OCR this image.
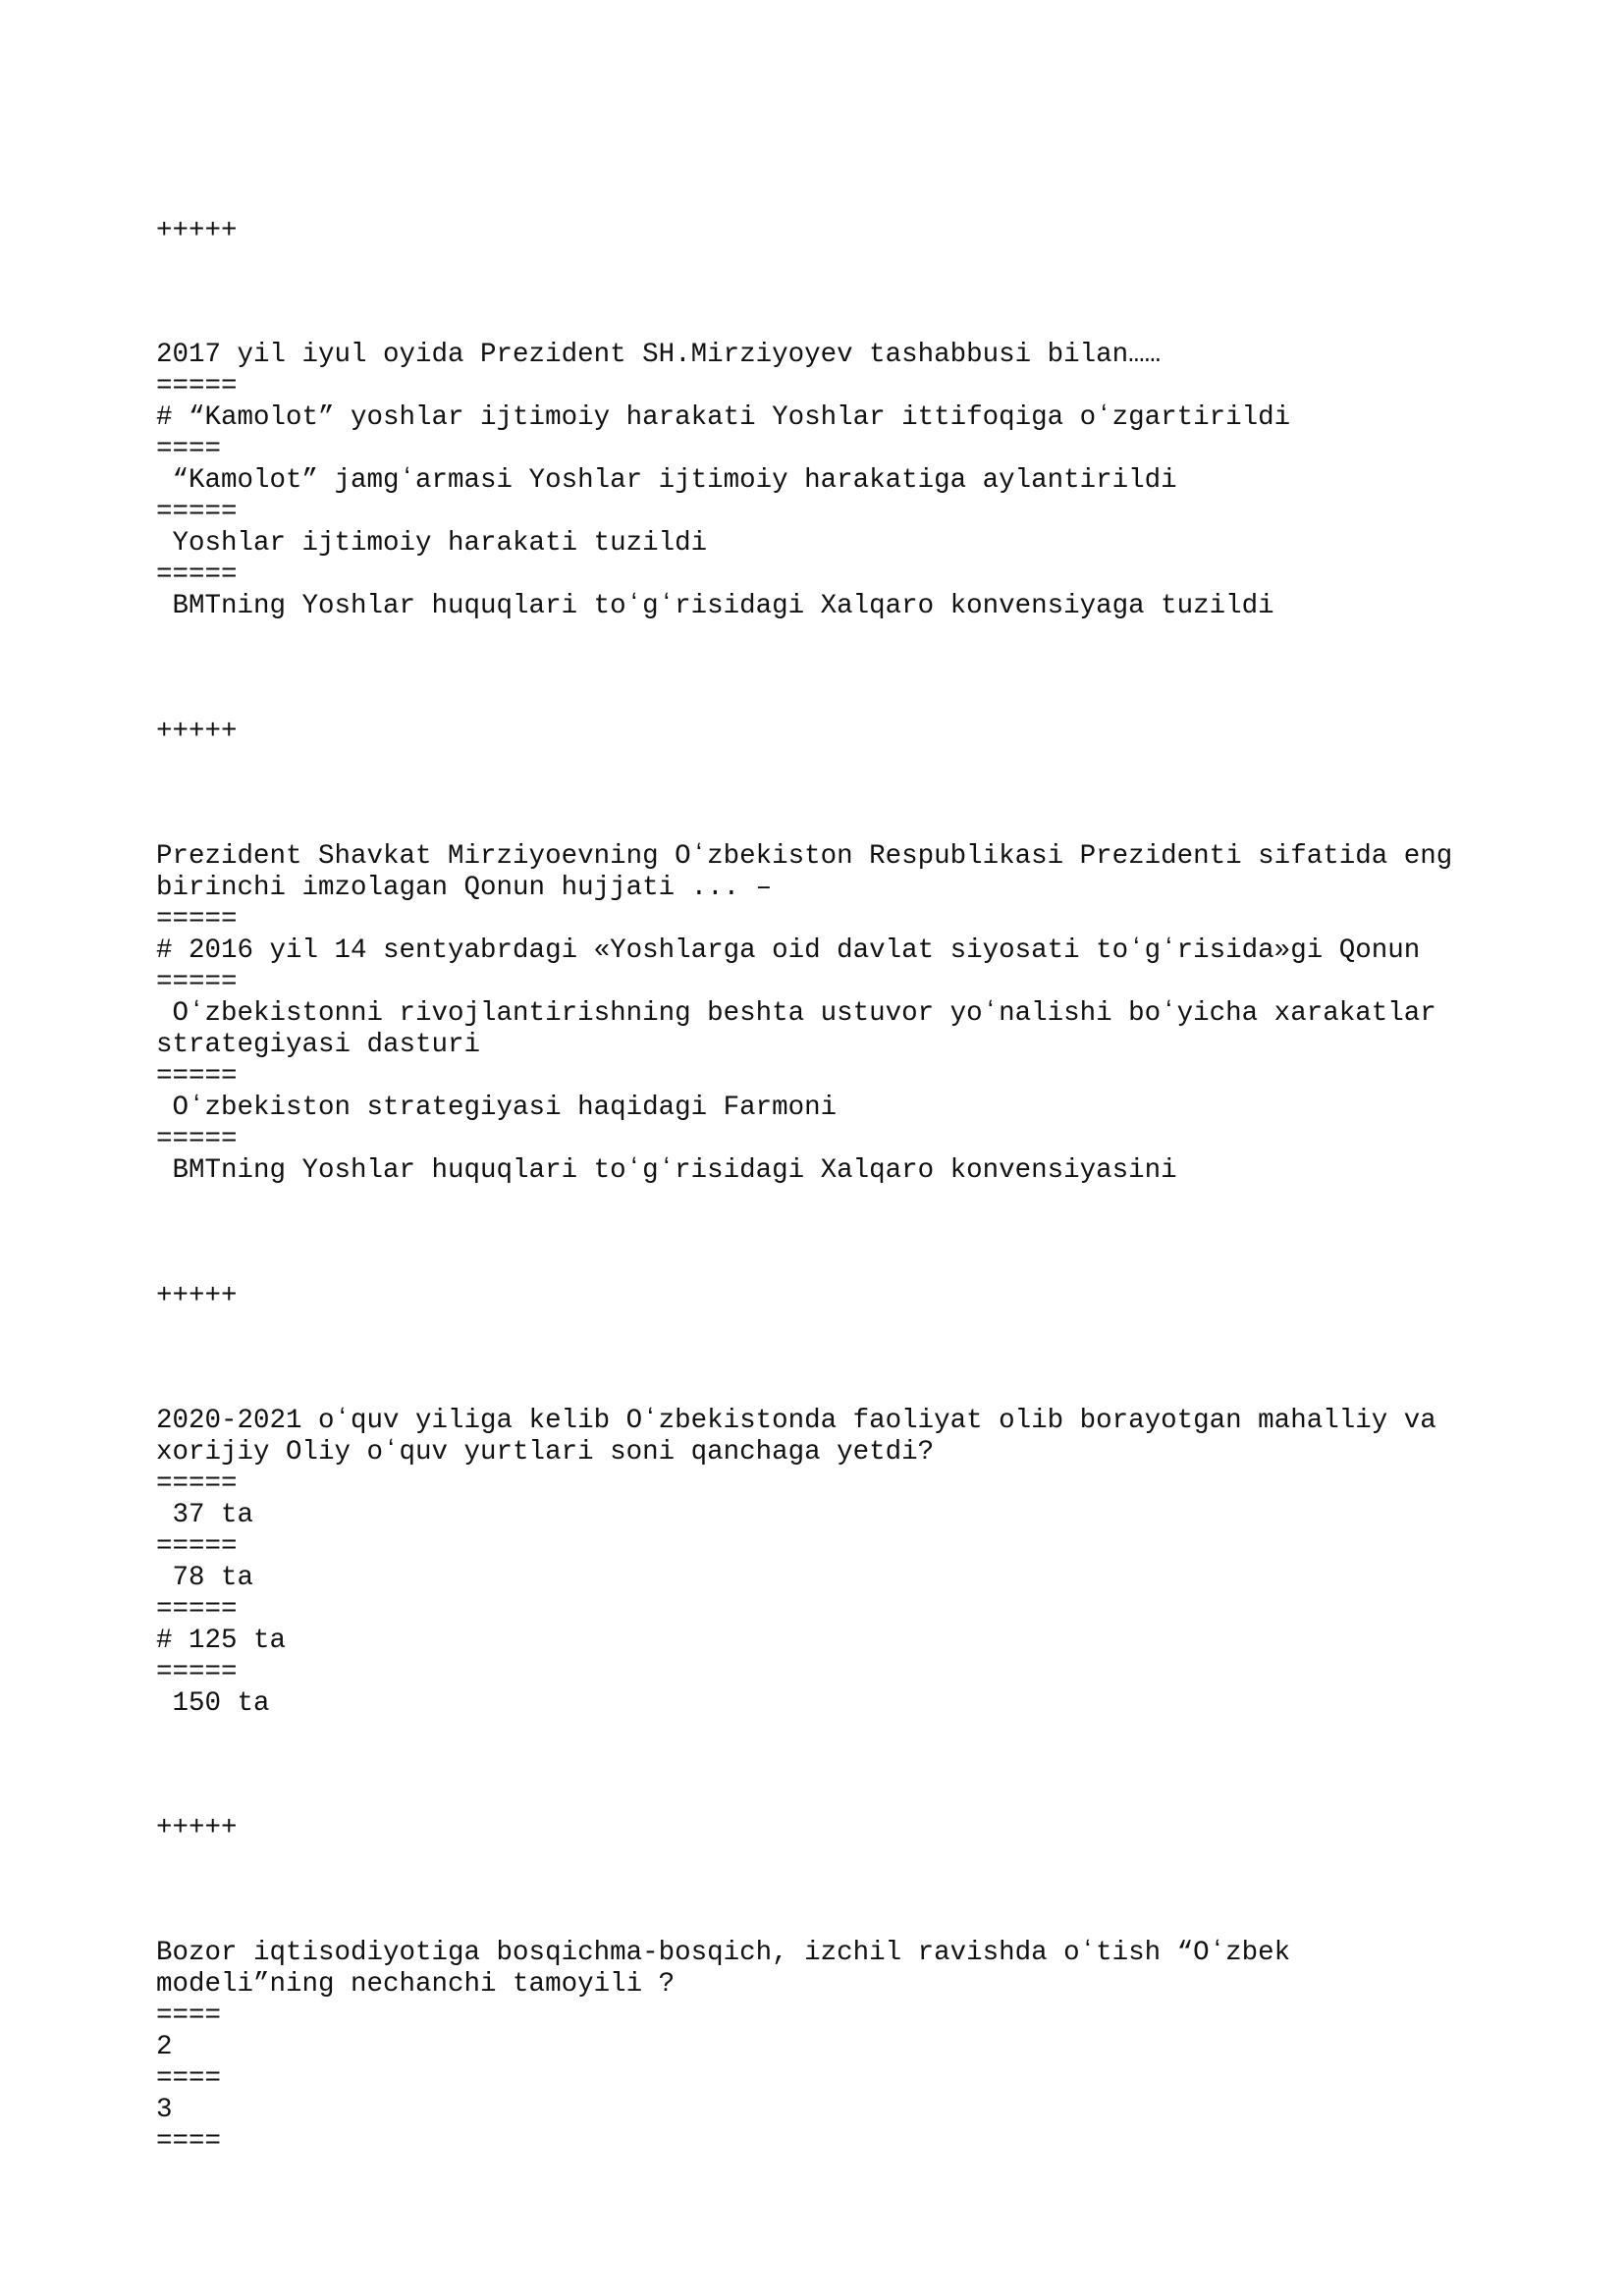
+++++

2017 yil iyul oyida Prezident SH.Mirziyoyev tashabbusi bilan……

=====

# “Kamolot” yoshlar ijtimoiy harakati Yoshlar ittifoqiga oʻzgartirildi

====

“Kamolot” jamgʻarmasi Yoshlar ijtimoiy harakatiga aylantirildi

=====

Yoshlar ijtimoiy harakati tuzildi

=====

BMTning Yoshlar huquqlari toʻgʻrisidagi Xalqaro konvensiyaga tuzildi

+++++

Prezident Shavkat Mirziyoevning Oʻzbekiston Respublikasi Prezidenti sifatida eng

birinchi imzolagan Qonun hujjati ... –

=====

# 2016 yil 14 sentyabrdagi «Yoshlarga oid davlat siyosati toʻgʻrisida»gi Qonun

=====

Oʻzbekistonni rivojlantirishning beshta ustuvor yoʻnalishi boʻyicha xarakatlar

strategiyasi dasturi

=====

Oʻzbekiston strategiyasi haqidagi Farmoni

=====

BMTning Yoshlar huquqlari toʻgʻrisidagi Xalqaro konvensiyasini

+++++

2020-2021 oʻquv yiliga kelib Oʻzbekistonda faoliyat olib borayotgan mahalliy va

xorijiy Oliy oʻquv yurtlari soni qanchaga yetdi?

=====

37 ta

=====

78 ta

=====

# 125 ta

=====

150 ta

+++++

Bozor iqtisodiyotiga bosqichma-bosqich, izchil ravishda oʻtish “Oʻzbek

modeli”ning nechanchi tamoyili ?

====

2

====

3

====
